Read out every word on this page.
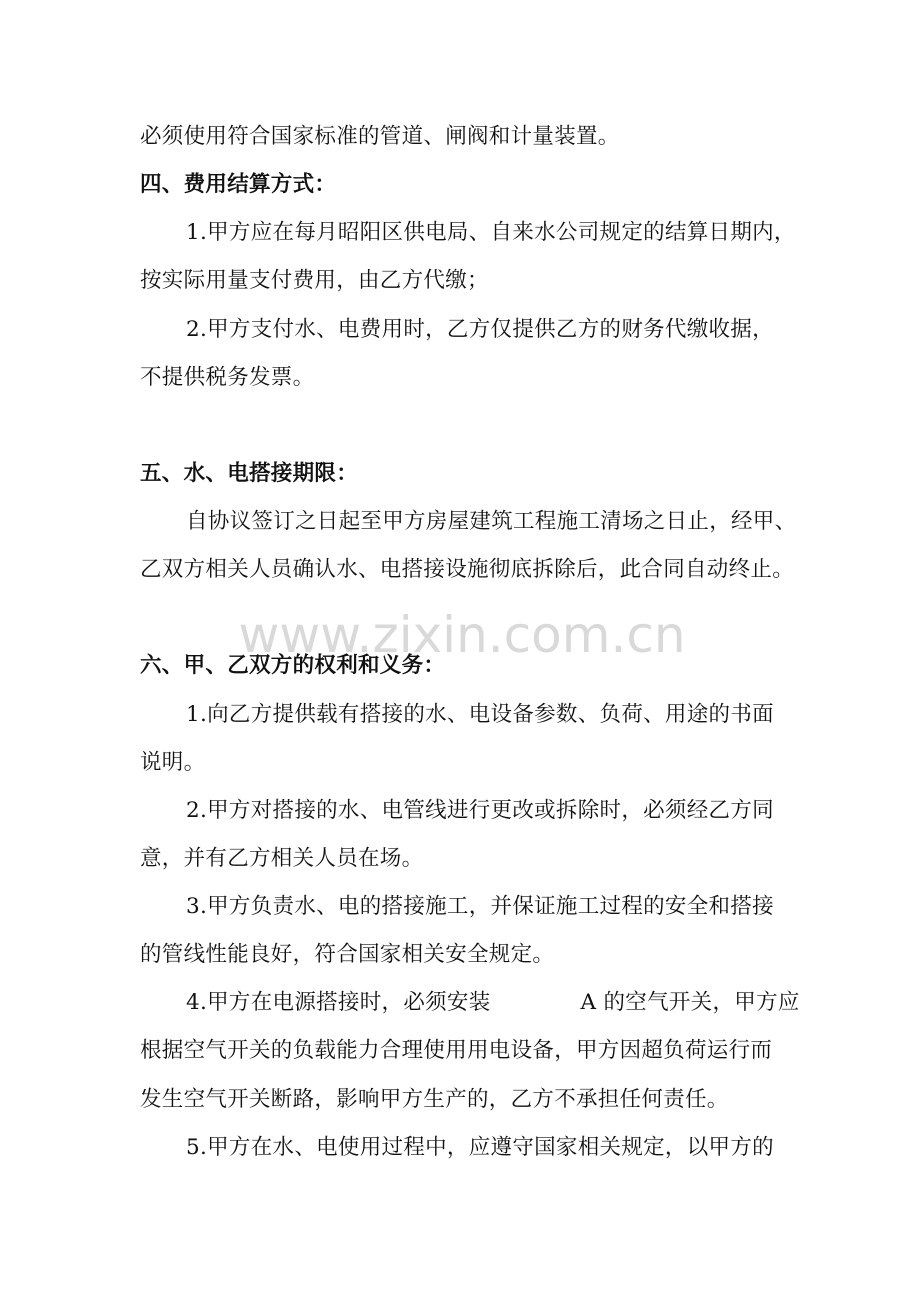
www.zixin.com.cn
必须使用符合国家标准的管道、闸阀和计量装置。
四、费用结算方式：
1.甲方应在每月昭阳区供电局、自来水公司规定的结算日期内，
按实际用量支付费用，由乙方代缴；
2.甲方支付水、电费用时，乙方仅提供乙方的财务代缴收据，
不提供税务发票。
五、水、电搭接期限：
自协议签订之日起至甲方房屋建筑工程施工清场之日止，经甲、
乙双方相关人员确认水、电搭接设施彻底拆除后，此合同自动终止。
六、甲、乙双方的权利和义务：
1.向乙方提供载有搭接的水、电设备参数、负荷、用途的书面
说明。
2.甲方对搭接的水、电管线进行更改或拆除时，必须经乙方同
意，并有乙方相关人员在场。
3.甲方负责水、电的搭接施工，并保证施工过程的安全和搭接
的管线性能良好，符合国家相关安全规定。
4.甲方在电源搭接时，必须安装	A 的空气开关，甲方应
根据空气开关的负载能力合理使用用电设备，甲方因超负荷运行而
发生空气开关断路，影响甲方生产的，乙方不承担任何责任。
5.甲方在水、电使用过程中，应遵守国家相关规定，以甲方的
